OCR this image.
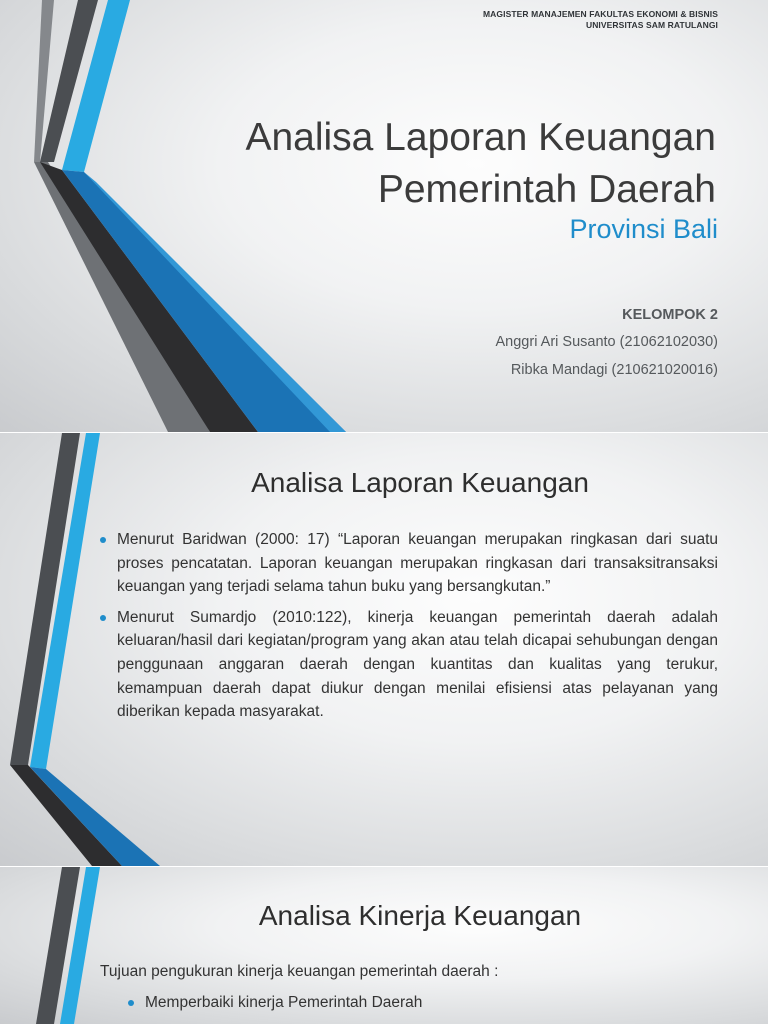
MAGISTER MANAJEMEN FAKULTAS EKONOMI & BISNIS
UNIVERSITAS SAM RATULANGI
Analisa Laporan Keuangan Pemerintah Daerah
Provinsi Bali
KELOMPOK 2
Anggri Ari Susanto (21062102030)
Ribka Mandagi (210621020016)
Analisa Laporan Keuangan
Menurut Baridwan (2000: 17) “Laporan keuangan merupakan ringkasan dari suatu proses pencatatan. Laporan keuangan merupakan ringkasan dari transaksitransaksi keuangan yang terjadi selama tahun buku yang bersangkutan.”
Menurut Sumardjo (2010:122), kinerja keuangan pemerintah daerah adalah keluaran/hasil dari kegiatan/program yang akan atau telah dicapai sehubungan dengan penggunaan anggaran daerah dengan kuantitas dan kualitas yang terukur, kemampuan daerah dapat diukur dengan menilai efisiensi atas pelayanan yang diberikan kepada masyarakat.
Analisa Kinerja Keuangan
Tujuan pengukuran kinerja keuangan pemerintah daerah :
Memperbaiki kinerja Pemerintah Daerah
